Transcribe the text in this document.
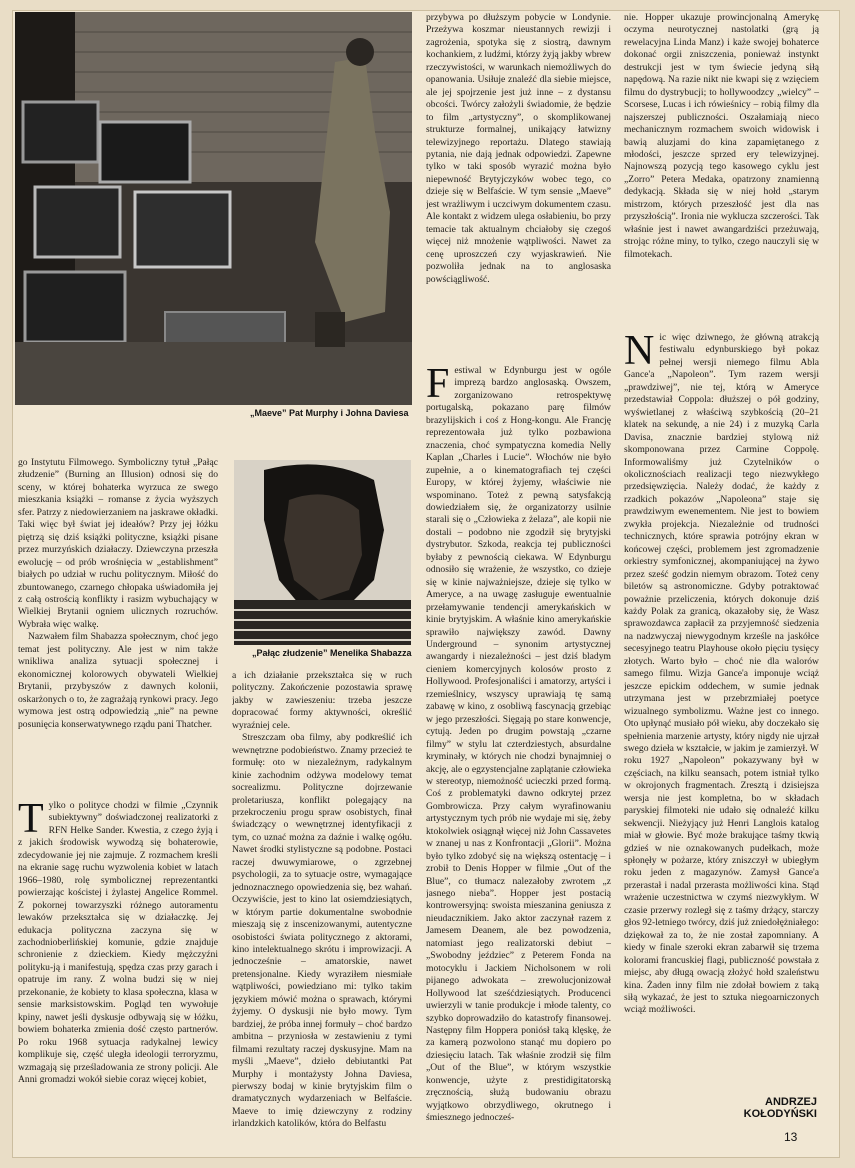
„Maeve” Pat Murphy i Johna Daviesa
„Pałąc złudzenie” Menelika Shabazza

go Instytutu Filmowego. Symboliczny tytuł „Pałąc złudzenie” (Burning an Illusion) odnosi się do sceny, w której bohaterka wyrzuca ze swego mieszkania książki – romanse z życia wyższych sfer. Patrzy z niedowierzaniem na jaskrawe okładki. Taki więc był świat jej ideałów? Przy jej łóżku piętrzą się dziś książki polityczne, książki pisane przez murzyńskich działaczy. Dziewczyna przeszła ewolucję – od prób wrośnięcia w „establishment” białych po udział w ruchu politycznym. Miłość do zbuntowanego, czarnego chłopaka uświadomiła jej z całą ostrością konflikty i rasizm wybuchający w Wielkiej Brytanii ogniem ulicznych rozruchów. Wybrała więc walkę.

Nazwałem film Shabazza społecznym, choć jego temat jest polityczny. Ale jest w nim także wnikliwa analiza sytuacji społecznej i ekonomicznej kolorowych obywateli Wielkiej Brytanii, przybyszów z dawnych kolonii, oskarżonych o to, że zagrażają rynkowi pracy. Jego wymowa jest ostrą odpowiedzią „nie” na pewne posunięcia konserwatywnego rządu pani Thatcher.

T ylko o polityce chodzi w filmie „Czynnik subiektywny” doświadczonej realizatorki z RFN Helke Sander. Kwestia, z czego żyją i z jakich środowisk wywodzą się bohaterowie, zdecydowanie jej nie zajmuje. Z rozmachem kreśli na ekranie sagę ruchu wyzwolenia kobiet w latach 1966–1980, rolę symbolicznej reprezentantki powierzając kościstej i żylastej Angelice Rommel. Z pokornej towarzyszki różnego autoramentu lewaków przekształca się w działaczkę. Jej edukacja polityczna zaczyna się w zachodnioberlińskiej komunie, gdzie znajduje schronienie z dzieckiem. Kiedy mężczyźni polityku-ją i manifestują, spędza czas przy garach i opatruje im rany. Z wolna budzi się w niej przekonanie, że kobiety to klasa społeczna, klasa w sensie marksistowskim. Pogląd ten wywołuje kpiny, nawet jeśli dyskusje odbywają się w łóżku, bowiem bohaterka zmienia dość często partnerów. Po roku 1968 sytuacja radykalnej lewicy komplikuje się, część uległa ideologii terroryzmu, wzmagają się prześladowania ze strony policji. Ale Anni gromadzi wokół siebie coraz więcej kobiet,

a ich działanie przekształca się w ruch polityczny. Zakończenie pozostawia sprawę jakby w zawieszeniu: trzeba jeszcze dopracować formy aktywności, określić wyraźniej cele.

Streszczam oba filmy, aby podkreślić ich wewnętrzne podobieństwo. Znamy przecież te formułę: oto w niezależnym, radykalnym kinie zachodnim odżywa modelowy temat socrealizmu. Polityczne dojrzewanie proletariusza, konflikt polegający na przekroczeniu progu spraw osobistych, finał świadczący o wewnętrznej identyfikacji z tym, co uznać można za daźnie i walkę ogółu. Nawet środki stylistyczne są podobne. Postaci raczej dwuwymiarowe, o zgrzebnej psychologii, za to sytuacje ostre, wymagające jednoznacznego opowiedzenia się, bez wahań. Oczywiście, jest to kino lat osiemdziesiątych, w którym partie dokumentalne swobodnie mieszają się z inscenizowanymi, autentyczne osobistości świata politycznego z aktorami, kino intelektualnego skrótu i improwizacji. A jednocześnie – amatorskie, nawet pretensjonalne. Kiedy wyraziłem niesmiałe wątpliwości, powiedziano mi: tylko takim językiem mówić można o sprawach, którymi żyjemy. O dyskusji nie było mowy. Tym bardziej, że próba innej formuły – choć bardzo ambitna – przyniosła w zestawieniu z tymi filmami rezultaty raczej dyskusyjne. Mam na myśli „Maeve”, dzieło debiutantki Pat Murphy i montażysty Johna Daviesa, pierwszy bodaj w kinie brytyjskim film o dramatycznych wydarzeniach w Belfaście. Maeve to imię dziewczyny z rodziny irlandzkich katolików, która do Belfastu

przybywa po dłuższym pobycie w Londynie. Przeżywa koszmar nieustannych rewizji i zagrożenia, spotyka się z siostrą, dawnym kochankiem, z ludźmi, którzy żyją jakby wbrew rzeczywistości, w warunkach niemożliwych do opanowania. Usiłuje znaleźć dla siebie miejsce, ale jej spojrzenie jest już inne – z dystansu obcości. Twórcy założyli świadomie, że będzie to film „artystyczny”, o skomplikowanej strukturze formalnej, unikający łatwizny telewizyjnego reportażu. Dlatego stawiają pytania, nie dają jednak odpowiedzi. Zapewne tylko w taki sposób wyrazić można było niepewność Brytyjczyków wobec tego, co dzieje się w Belfaście. W tym sensie „Maeve” jest wrażliwym i uczciwym dokumentem czasu. Ale kontakt z widzem ulega osłabieniu, bo przy temacie tak aktualnym chciałoby się czegoś więcej niż mnożenie wątpliwości. Nawet za cenę uproszczeń czy wyjaskrawień. Nie pozwoliła jednak na to anglosaska powściągliwość.

F estiwal w Edynburgu jest w ogóle imprezą bardzo anglosaską. Owszem, zorganizowano retrospektywę portugalską, pokazano parę filmów brazylijskich i coś z Hong-kongu. Ale Francję reprezentowała już tylko pozbawiona znaczenia, choć sympatyczna komedia Nelly Kaplan „Charles i Lucie”. Włochów nie było zupełnie, a o kinematografiach tej części Europy, w której żyjemy, właściwie nie wspominano. Toteż z pewną satysfakcją dowiedziałem się, że organizatorzy usilnie starali się o „Człowieka z żelaza”, ale kopii nie dostali – podobno nie zgodził się brytyjski dystrybutor. Szkoda, reakcja tej publiczności byłaby z pewnością ciekawa. W Edynburgu odnosiło się wrażenie, że wszystko, co dzieje się w kinie najważniejsze, dzieje się tylko w Ameryce, a na uwagę zasługuje ewentualnie przełamywanie tendencji amerykańskich w kinie brytyjskim. A właśnie kino amerykańskie sprawiło największy zawód. Dawny Underground – synonim artystycznej awangardy i niezależności – jest dziś bladym cieniem komercyjnych kolosów prosto z Hollywood. Profesjonaliści i amatorzy, artyści i rzemieślnicy, wszyscy uprawiają tę samą zabawę w kino, z osobliwą fascynacją grzebiąc w jego przeszłości. Sięgają po stare konwencje, cytują. Jeden po drugim powstają „czarne filmy” w stylu lat czterdziestych, absurdalne kryminały, w których nie chodzi bynajmniej o akcję, ale o egzystencjalne zaplątanie człowieka w stereotyp, niemożność ucieczki przed formą. Coś z problematyki dawno odkrytej przez Gombrowicza. Przy całym wyrafinowaniu artystycznym tych prób nie wydaje mi się, żeby ktokolwiek osiągnął więcej niż John Cassavetes w znanej u nas z Konfrontacji „Glorii”. Można było tylko zdobyć się na większą ostentację – i zrobił to Denis Hopper w filmie „Out of the Blue”, co tłumacz nalezałoby zwrotem „z jasnego nieba”. Hopper jest postacią kontrowersyjną: swoista mieszanina geniusza z nieudacznikiem. Jako aktor zaczynał razem z Jamesem Deanem, ale bez powodzenia, natomiast jego realizatorski debiut – „Swobodny jeździec” z Peterem Fonda na motocyklu i Jackiem Nicholsonem w roli pijanego adwokata – zrewolucjonizował Hollywood lat sześćdziesiątych. Producenci uwierzyli w tanie produkcje i młode talenty, co szybko doprowadziło do katastrofy finansowej. Następny film Hoppera poniósł taką klęskę, że za kamerą pozwolono stanąć mu dopiero po dziesięciu latach. Tak właśnie zrodził się film „Out of the Blue”, w którym wszystkie konwencje, użyte z prestidigitatorską zręcznością, służą budowaniu obrazu wyjątkowo obrzydliwego, okrutnego i śmiesznego jednocześ-

nie. Hopper ukazuje prowincjonalną Amerykę oczyma neurotycznej nastolatki (grą ją rewelacyjna Linda Manz) i każe swojej bohaterce dokonać orgii zniszczenia, ponieważ instynkt destrukcji jest w tym świecie jedyną siłą napędową. Na razie nikt nie kwapi się z wzięciem filmu do dystrybucji; to hollywoodzcy „wielcy” – Scorsese, Lucas i ich rówieśnicy – robią filmy dla najszerszej publiczności. Oszałamiają nieco mechanicznym rozmachem swoich widowisk i bawią aluzjami do kina zapamiętanego z młodości, jeszcze sprzed ery telewizyjnej. Najnowszą pozycją tego kasowego cyklu jest „Zorro” Petera Medaka, opatrzony znamienną dedykacją. Składa się w niej hołd „starym mistrzom, których przeszłość jest dla nas przyszłością”. Ironia nie wyklucza szczerości. Tak właśnie jest i nawet awangardziści przeżuwają, strojąc różne miny, to tylko, czego nauczyli się w filmotekach.

N ic więc dziwnego, że główną atrakcją festiwalu edynburskiego był pokaz pełnej wersji niemego filmu Abla Gance'a „Napoleon”. Tym razem wersji „prawdziwej”, nie tej, którą w Ameryce przedstawiał Coppola: dłuższej o pół godziny, wyświetlanej z właściwą szybkością (20–21 klatek na sekundę, a nie 24) i z muzyką Carla Davisa, znacznie bardziej stylową niż skomponowana przez Carmine Coppolę. Informowaliśmy już Czytelników o okolicznościach realizacji tego niezwykłego przedsięwzięcia. Należy dodać, że każdy z rzadkich pokazów „Napoleona” staje się prawdziwym ewenementem. Nie jest to bowiem zwykła projekcja. Niezależnie od trudności technicznych, które sprawia potrójny ekran w końcowej części, problemem jest zgromadzenie orkiestry symfonicznej, akompaniującej na żywo przez sześć godzin niemym obrazom. Toteż ceny biletów są astronomiczne. Gdyby potraktować poważnie przeliczenia, których dokonuje dziś każdy Polak za granicą, okazałoby się, że Wasz sprawozdawca zapłacił za przyjemność siedzenia na nadzwyczaj niewygodnym krześle na jaskółce secesyjnego teatru Playhouse około pięciu tysięcy złotych. Warto było – choć nie dla walorów samego filmu. Wizja Gance'a imponuje wciąż jeszcze epickim oddechem, w sumie jednak utrzymana jest w przebrzmiałej poetyce wizualnego symbolizmu. Ważne jest co innego. Oto upłynąć musiało pół wieku, aby doczekało się spełnienia marzenie artysty, który nigdy nie ujrzał swego dzieła w kształcie, w jakim je zamierzył. W roku 1927 „Napoleon” pokazywany był w częściach, na kilku seansach, potem istniał tylko w okrojonych fragmentach. Zresztą i dzisiejsza wersja nie jest kompletna, bo w składach paryskiej filmoteki nie udało się odnaleźć kilku sekwencji. Nieżyjący już Henri Langlois katalog miał w głowie. Być może brakujące taśmy tkwią gdzieś w nie oznakowanych pudełkach, może spłonęły w pożarze, który zniszczył w ubiegłym roku jeden z magazynów. Zamysł Gance'a przerastał i nadal przerasta możliwości kina. Stąd wrażenie uczestnictwa w czymś niezwykłym. W czasie przerwy rozległ się z taśmy drżący, starczy głos 92-letniego twórcy, dziś już zniedołężniałego: dziękował za to, że nie został zapomniany. A kiedy w finale szeroki ekran zabarwił się trzema kolorami francuskiej flagi, publiczność powstała z miejsc, aby długą owacją złożyć hołd szaleństwu kina. Żaden inny film nie zdołał bowiem z taką siłą wykazać, że jest to sztuka niegoarniczonych wciąż możliwości.

ANDRZEJ
KOŁODYŃSKI
13
